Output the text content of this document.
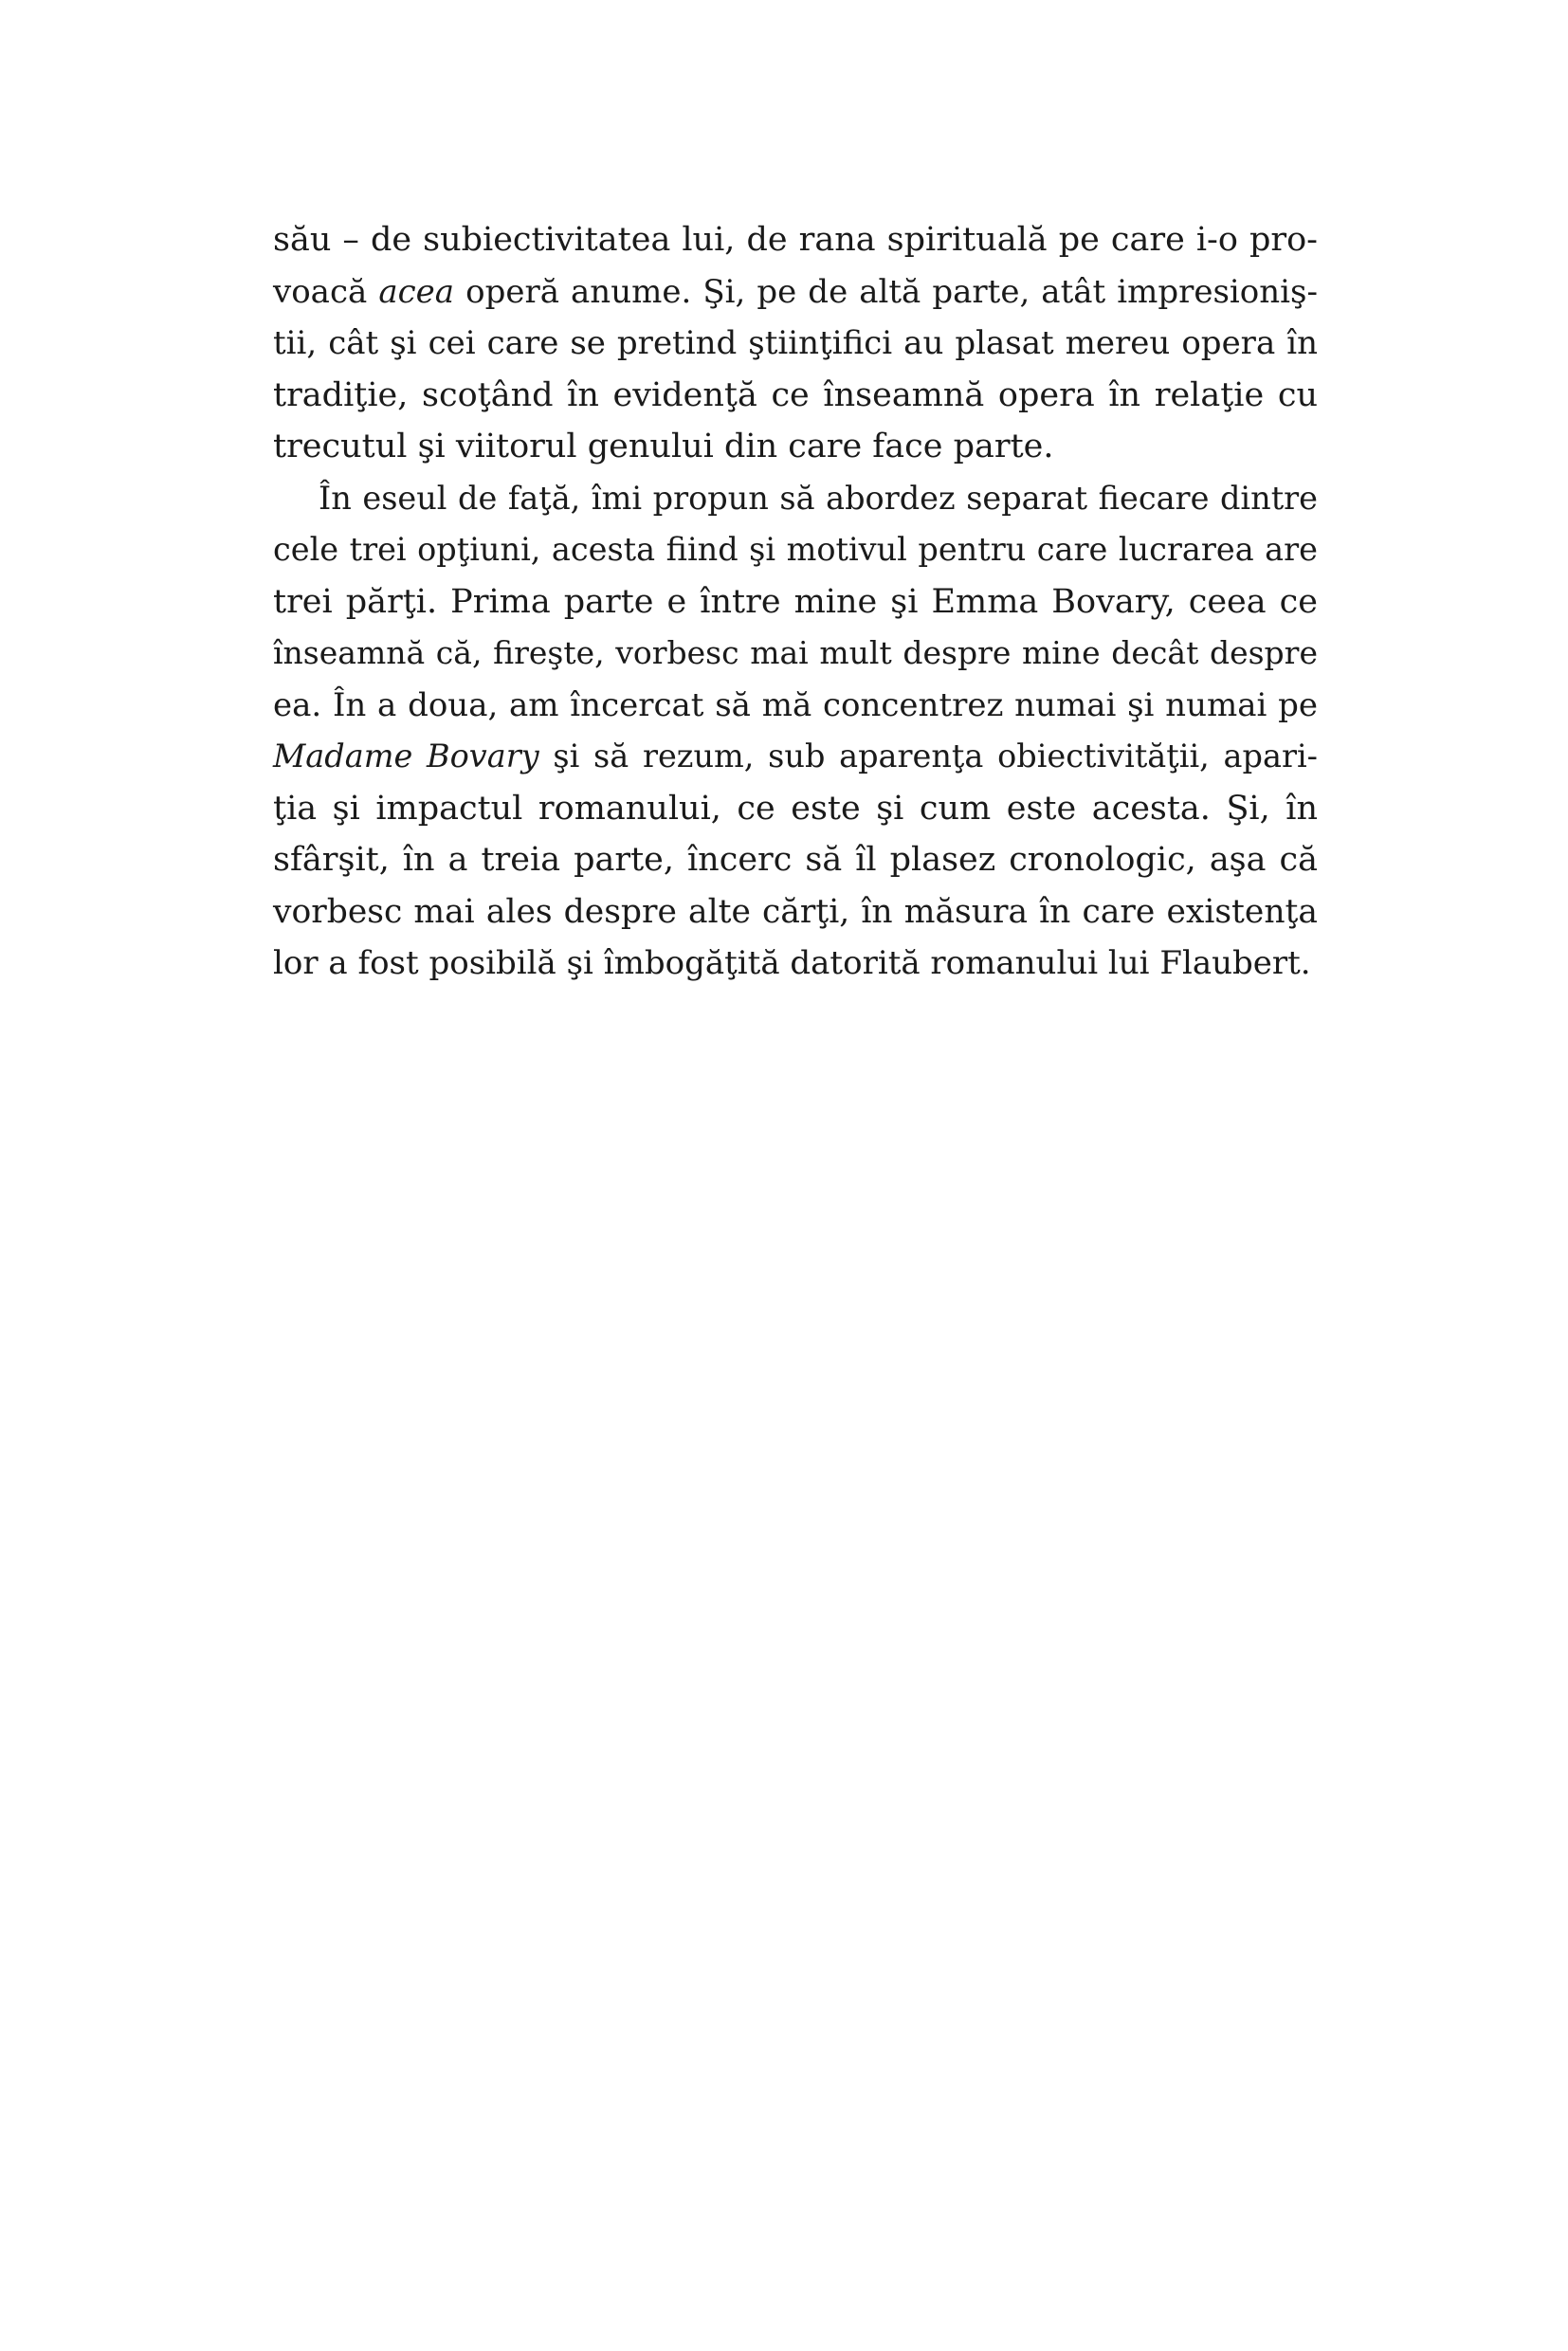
său – de subiectivitatea lui, de rana spirituală pe care i-o pro-
voacă acea operă anume. Şi, pe de altă parte, atât impresioniş-
tii, cât şi cei care se pretind ştiinţifici au plasat mereu opera în
tradiţie, scoţând în evidenţă ce înseamnă opera în relaţie cu
trecutul şi viitorul genului din care face parte.
În eseul de faţă, îmi propun să abordez separat fiecare dintre
cele trei opţiuni, acesta fiind şi motivul pentru care lucrarea are
trei părţi. Prima parte e între mine şi Emma Bovary, ceea ce
înseamnă că, fireşte, vorbesc mai mult despre mine decât despre
ea. În a doua, am încercat să mă concentrez numai şi numai pe
Madame Bovary şi să rezum, sub aparenţa obiectivităţii, apari-
ţia şi impactul romanului, ce este şi cum este acesta. Şi, în
sfârşit, în a treia parte, încerc să îl plasez cronologic, aşa că
vorbesc mai ales despre alte cărţi, în măsura în care existenţa
lor a fost posibilă şi îmbogăţită datorită romanului lui Flaubert.
